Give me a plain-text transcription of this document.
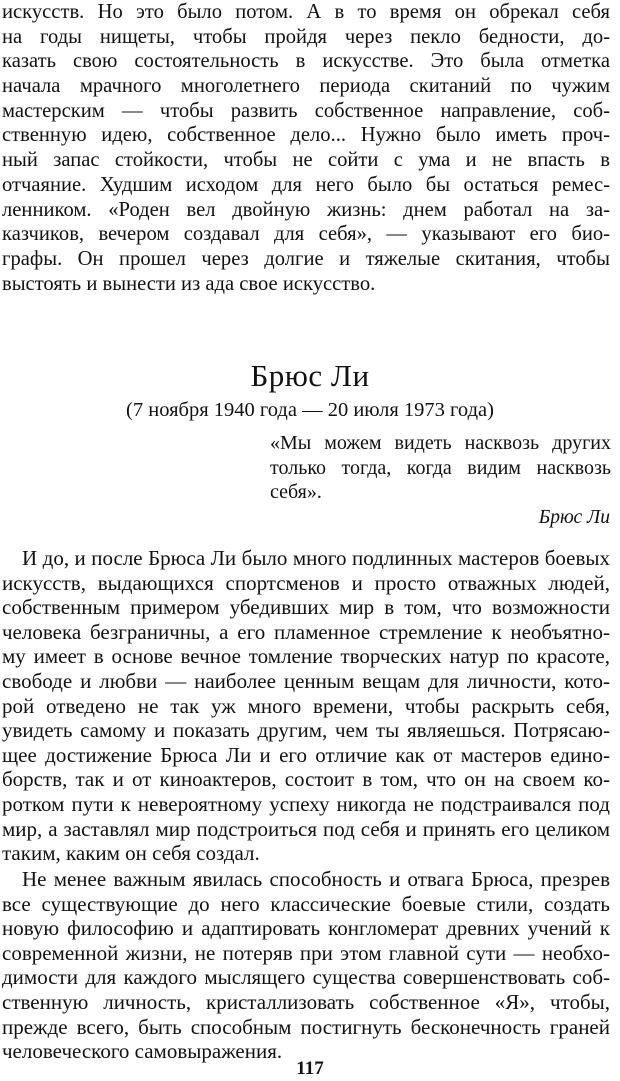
искусств. Но это было потом. А в то время он обрекал себя
на годы нищеты, чтобы пройдя через пекло бедности, до-
казать свою состоятельность в искусстве. Это была отметка
начала мрачного многолетнего периода скитаний по чужим
мастерским — чтобы развить собственное направление, соб-
ственную идею, собственное дело... Нужно было иметь проч-
ный запас стойкости, чтобы не сойти с ума и не впасть в
отчаяние. Худшим исходом для него было бы остаться ремес-
ленником. «Роден вел двойную жизнь: днем работал на за-
казчиков, вечером создавал для себя», — указывают его био-
графы. Он прошел через долгие и тяжелые скитания, чтобы
выстоять и вынести из ада свое искусство.
Брюс Ли
(7 ноября 1940 года — 20 июля 1973 года)
«Мы можем видеть насквозь других
только тогда, когда видим насквозь
себя».
Брюс Ли
И до, и после Брюса Ли было много подлинных мастеров боевых
искусств, выдающихся спортсменов и просто отважных людей,
собственным примером убедивших мир в том, что возможности
человека безграничны, а его пламенное стремление к необъятно-
му имеет в основе вечное томление творческих натур по красоте,
свободе и любви — наиболее ценным вещам для личности, кото-
рой отведено не так уж много времени, чтобы раскрыть себя,
увидеть самому и показать другим, чем ты являешься. Потрясаю-
щее достижение Брюса Ли и его отличие как от мастеров едино-
борств, так и от киноактеров, состоит в том, что он на своем ко-
ротком пути к невероятному успеху никогда не подстраивался под
мир, а заставлял мир подстроиться под себя и принять его целиком
таким, каким он себя создал.
Не менее важным явилась способность и отвага Брюса, презрев
все существующие до него классические боевые стили, создать
новую философию и адаптировать конгломерат древних учений к
современной жизни, не потеряв при этом главной сути — необхо-
димости для каждого мыслящего существа совершенствовать соб-
ственную личность, кристаллизовать собственное «Я», чтобы,
прежде всего, быть способным постигнуть бесконечность граней
человеческого самовыражения.
117
